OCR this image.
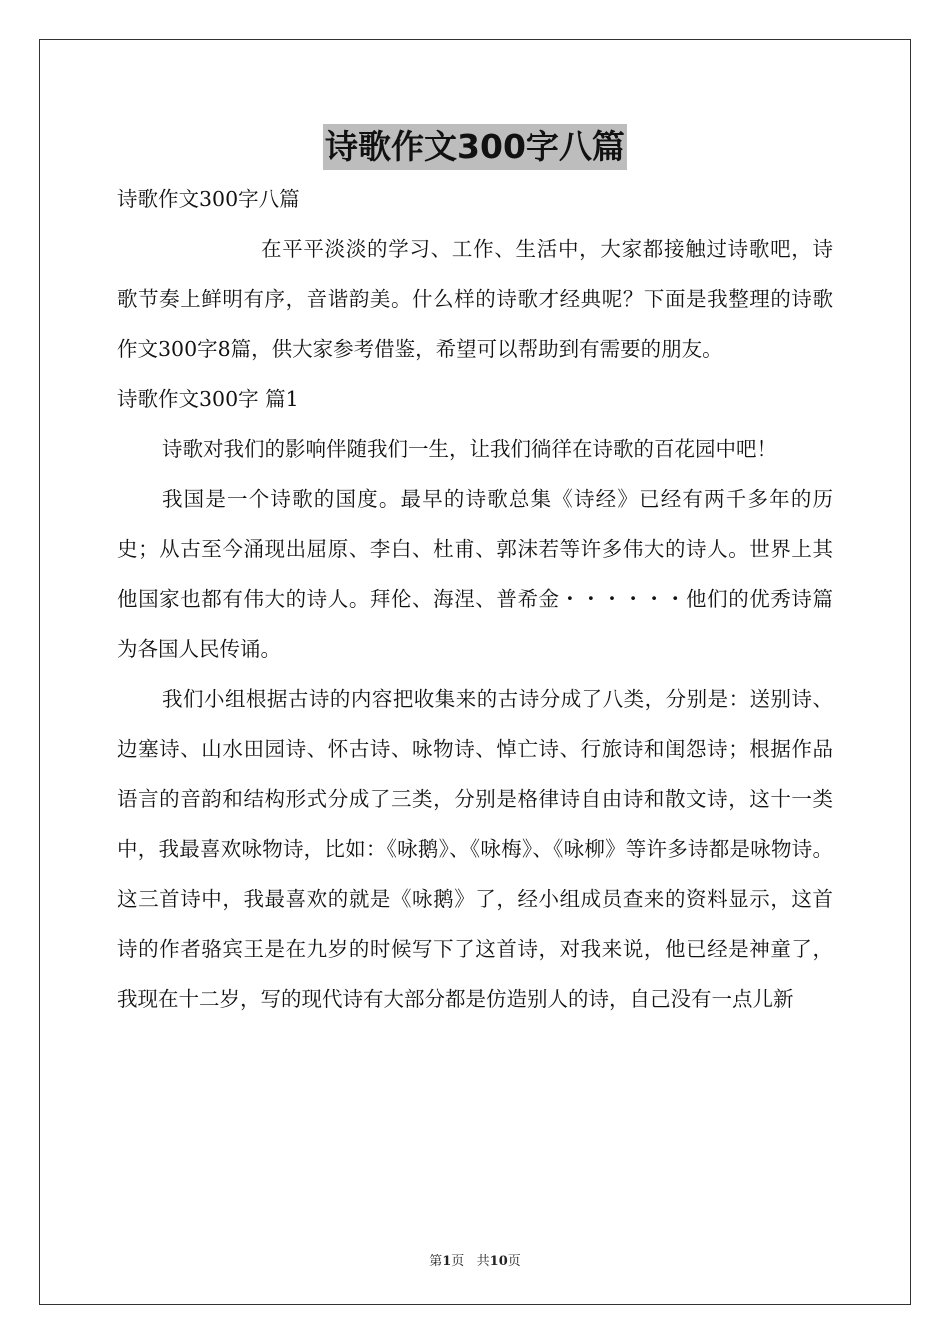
诗歌作文300字八篇

诗歌作文300字八篇

在平平淡淡的学习、工作、生活中，大家都接触过诗歌吧，诗歌节奏上鲜明有序，音谐韵美。什么样的诗歌才经典呢？下面是我整理的诗歌作文300字8篇，供大家参考借鉴，希望可以帮助到有需要的朋友。

诗歌作文300字 篇1

诗歌对我们的影响伴随我们一生，让我们徜徉在诗歌的百花园中吧！

我国是一个诗歌的国度。最早的诗歌总集《诗经》已经有两千多年的历史；从古至今涌现出屈原、李白、杜甫、郭沫若等许多伟大的诗人。世界上其他国家也都有伟大的诗人。拜伦、海涅、普希金・・・・・・他们的优秀诗篇为各国人民传诵。

我们小组根据古诗的内容把收集来的古诗分成了八类，分别是：送别诗、边塞诗、山水田园诗、怀古诗、咏物诗、悼亡诗、行旅诗和闺怨诗；根据作品语言的音韵和结构形式分成了三类，分别是格律诗自由诗和散文诗，这十一类中，我最喜欢咏物诗，比如：《咏鹅》、《咏梅》、《咏柳》等许多诗都是咏物诗。这三首诗中，我最喜欢的就是《咏鹅》了，经小组成员查来的资料显示，这首诗的作者骆宾王是在九岁的时候写下了这首诗，对我来说，他已经是神童了，我现在十二岁，写的现代诗有大部分都是仿造别人的诗，自己没有一点儿新

第1页   共10页
